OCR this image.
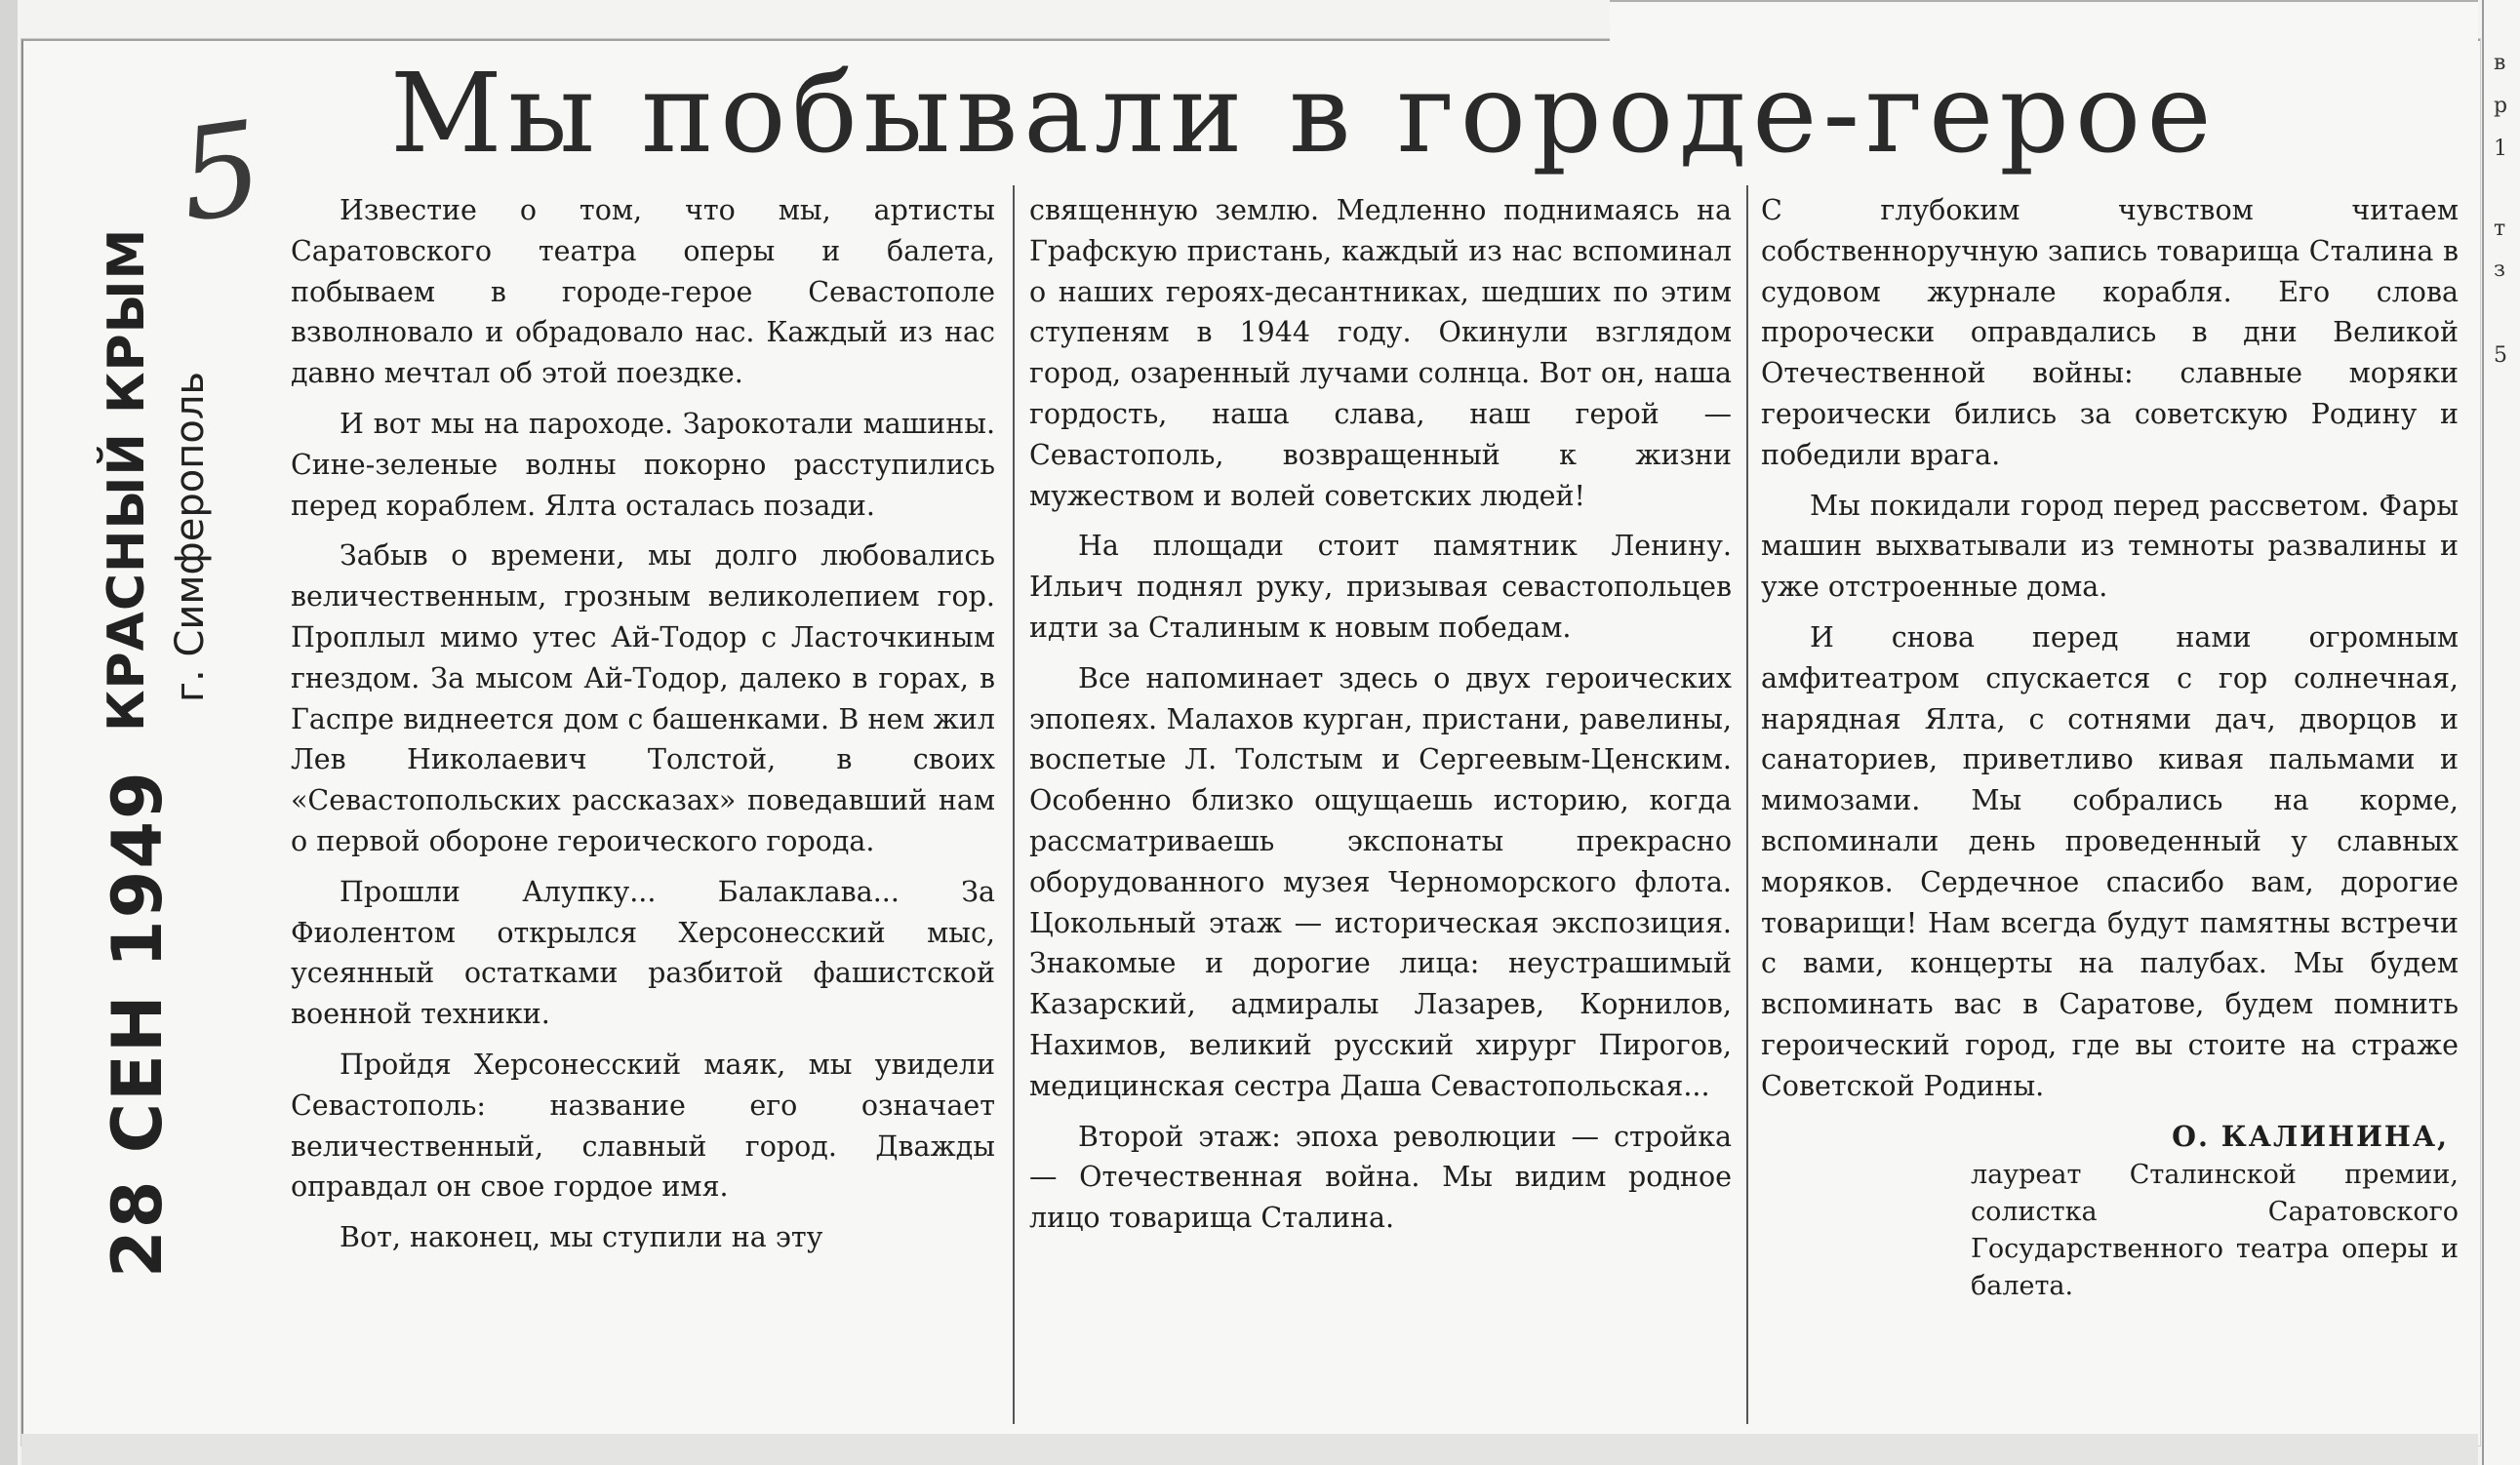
в
р
1
т
з
5
Мы побывали в городе-герое
5
28 СЕН 1949
КРАСНЫЙ КРЫМ г. Симферополь

Известие о том, что мы, артисты Саратовского театра оперы и балета, побываем в городе-герое Севастополе взволновало и обрадовало нас. Каждый из нас давно мечтал об этой поездке.

И вот мы на пароходе. Зарокотали машины. Сине-зеленые волны покорно расступились перед кораблем. Ялта осталась позади.

Забыв о времени, мы долго любовались величественным, грозным великолепием гор. Проплыл мимо утес Ай-Тодор с Ласточкиным гнездом. За мысом Ай-Тодор, далеко в горах, в Гаспре виднеется дом с башенками. В нем жил Лев Николаевич Толстой, в своих «Севастопольских рассказах» поведавший нам о первой обороне героического города.

Прошли Алупку... Балаклава... За Фиолентом открылся Херсонесский мыс, усеянный остатками разбитой фашистской военной техники.

Пройдя Херсонесский маяк, мы увидели Севастополь: название его означает величественный, славный город. Дважды оправдал он свое гордое имя.

Вот, наконец, мы ступили на эту

священную землю. Медленно поднимаясь на Графскую пристань, каждый из нас вспоминал о наших героях-десантниках, шедших по этим ступеням в 1944 году. Окинули взглядом город, озаренный лучами солнца. Вот он, наша гордость, наша слава, наш герой — Севастополь, возвращенный к жизни мужеством и волей советских людей!

На площади стоит памятник Ленину. Ильич поднял руку, призывая севастопольцев идти за Сталиным к новым победам.

Все напоминает здесь о двух героических эпопеях. Малахов курган, пристани, равелины, воспетые Л. Толстым и Сергеевым-Ценским. Особенно близко ощущаешь историю, когда рассматриваешь экспонаты прекрасно оборудованного музея Черноморского флота. Цокольный этаж — историческая экспозиция. Знакомые и дорогие лица: неустрашимый Казарский, адмиралы Лазарев, Корнилов, Нахимов, великий русский хирург Пирогов, медицинская сестра Даша Севастопольская...

Второй этаж: эпоха революции — стройка — Отечественная война. Мы видим родное лицо товарища Сталина.

С глубоким чувством читаем собственноручную запись товарища Сталина в судовом журнале корабля. Его слова пророчески оправдались в дни Великой Отечественной войны: славные моряки героически бились за советскую Родину и победили врага.

Мы покидали город перед рассветом. Фары машин выхватывали из темноты развалины и уже отстроенные дома.

И снова перед нами огромным амфитеатром спускается с гор солнечная, нарядная Ялта, с сотнями дач, дворцов и санаториев, приветливо кивая пальмами и мимозами. Мы собрались на корме, вспоминали день проведенный у славных моряков. Сердечное спасибо вам, дорогие товарищи! Нам всегда будут памятны встречи с вами, концерты на палубах. Мы будем вспоминать вас в Саратове, будем помнить героический город, где вы стоите на страже Советской Родины.

О. КАЛИНИНА,
лауреат Сталинской премии, солистка Саратовского Государственного театра оперы и балета.
